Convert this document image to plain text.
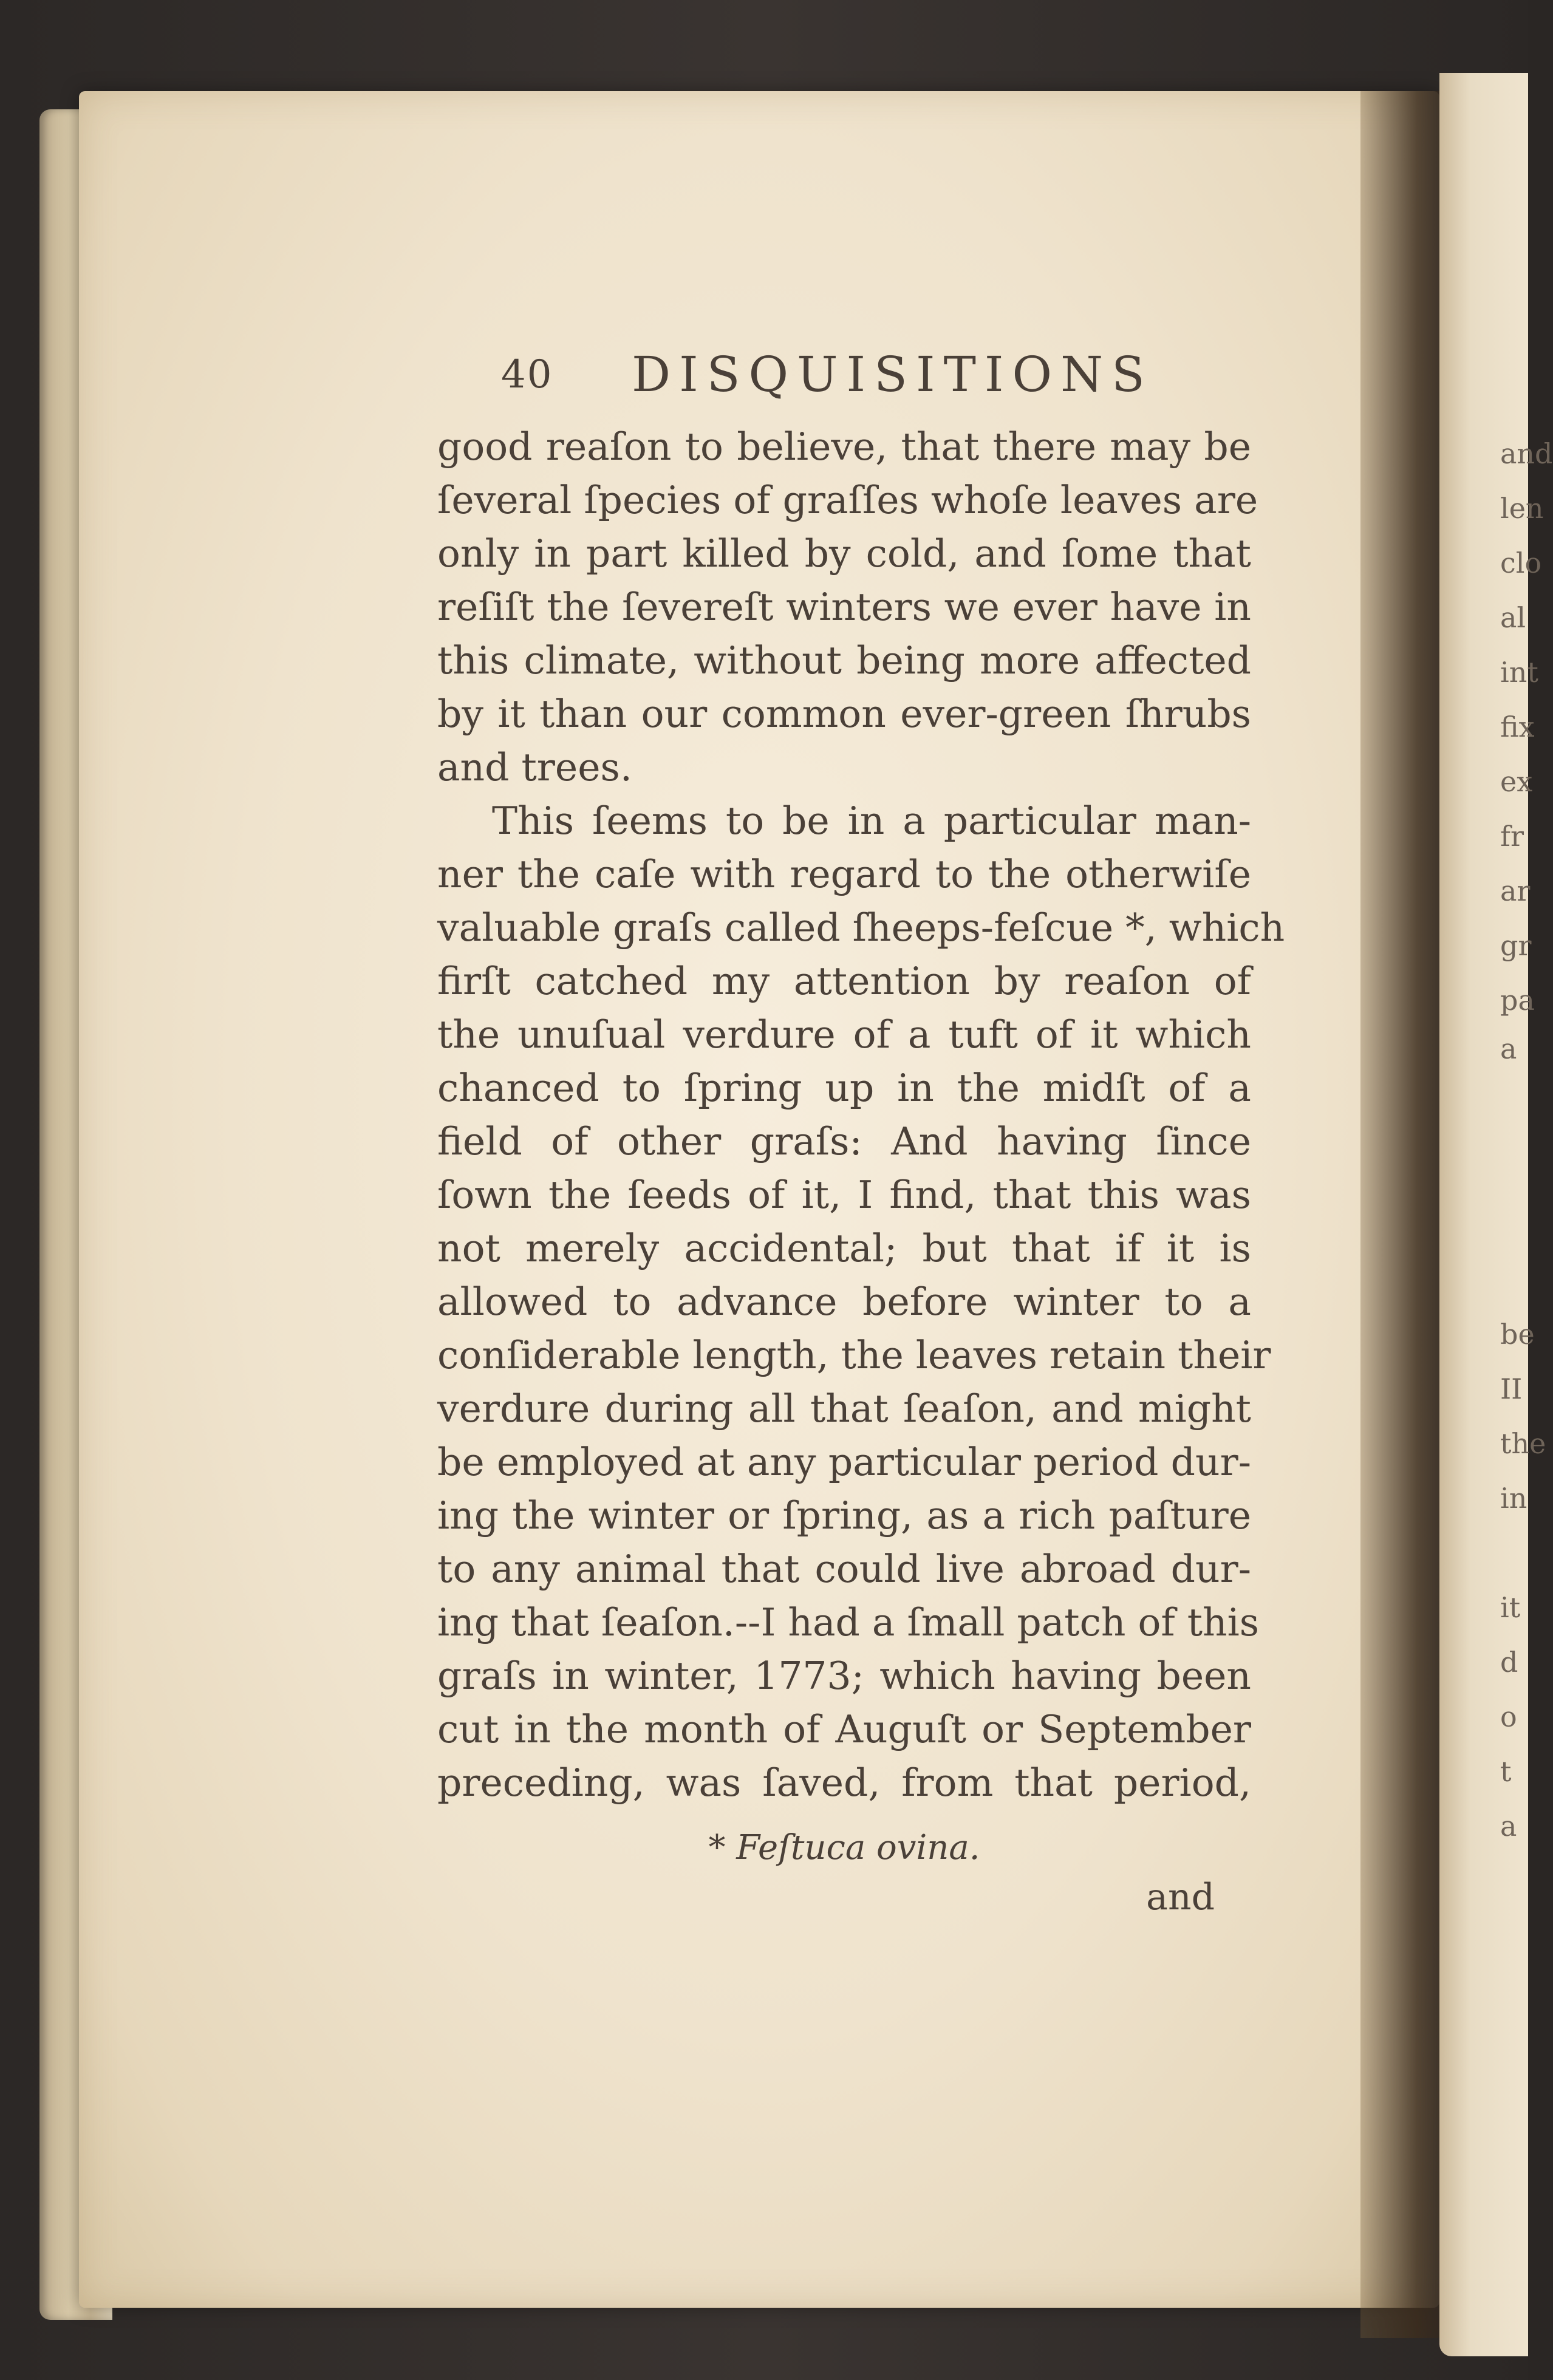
and
len
clo
al
int
fix
ex
fr
ar
gr
pa
a
be
II
the
in
it
d
o
t
a
40 DISQUISITIONS
good reaſon to believe, that there may be
ſeveral ſpecies of graſſes whoſe leaves are
only in part killed by cold, and ſome that
reſiſt the ſevereſt winters we ever have in
this climate, without being more affected
by it than our common ever-green ſhrubs
and trees.
This ſeems to be in a particular man-
ner the caſe with regard to the otherwiſe
valuable graſs called ſheeps-feſcue *, which
firſt catched my attention by reaſon of
the unuſual verdure of a tuft of it which
chanced to ſpring up in the midſt of a
field of other graſs: And having ſince
ſown the ſeeds of it, I find, that this was
not merely accidental; but that if it is
allowed to advance before winter to a
conſiderable length, the leaves retain their
verdure during all that ſeaſon, and might
be employed at any particular period dur-
ing the winter or ſpring, as a rich paſture
to any animal that could live abroad dur-
ing that ſeaſon.--I had a ſmall patch of this
graſs in winter, 1773; which having been
cut in the month of Auguſt or September
preceding, was ſaved, from that period,
* Feſtuca ovina.
and
